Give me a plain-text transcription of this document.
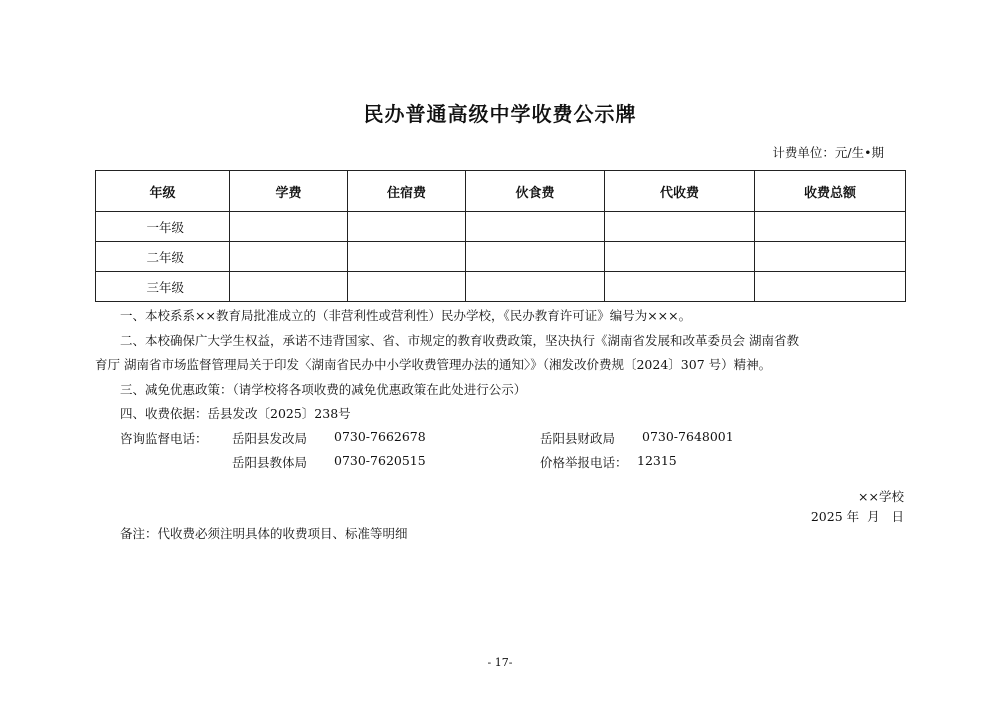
民办普通高级中学收费公示牌
计费单位：元/生•期
年级	学费	住宿费	伙食费	代收费	收费总额
一年级					
二年级					
三年级					
一、本校系系××教育局批准成立的（非营利性或营利性）民办学校，《民办教育许可证》编号为×××。
二、本校确保广大学生权益，承诺不违背国家、省、市规定的教育收费政策，坚决执行《湖南省发展和改革委员会 湖南省教
育厅 湖南省市场监督管理局关于印发〈湖南省民办中小学收费管理办法的通知〉》（湘发改价费规〔2024〕307 号）精神。
三、减免优惠政策：（请学校将各项收费的减免优惠政策在此处进行公示）
四、收费依据：岳县发改〔2025〕238号
咨询监督电话： 岳阳县发改局 0730-7662678	岳阳县财政局 0730-7648001
岳阳县教体局 0730-7620515	价格举报电话： 12315
××学校
2025 年  月   日
备注：代收费必须注明具体的收费项目、标准等明细
- 17-
